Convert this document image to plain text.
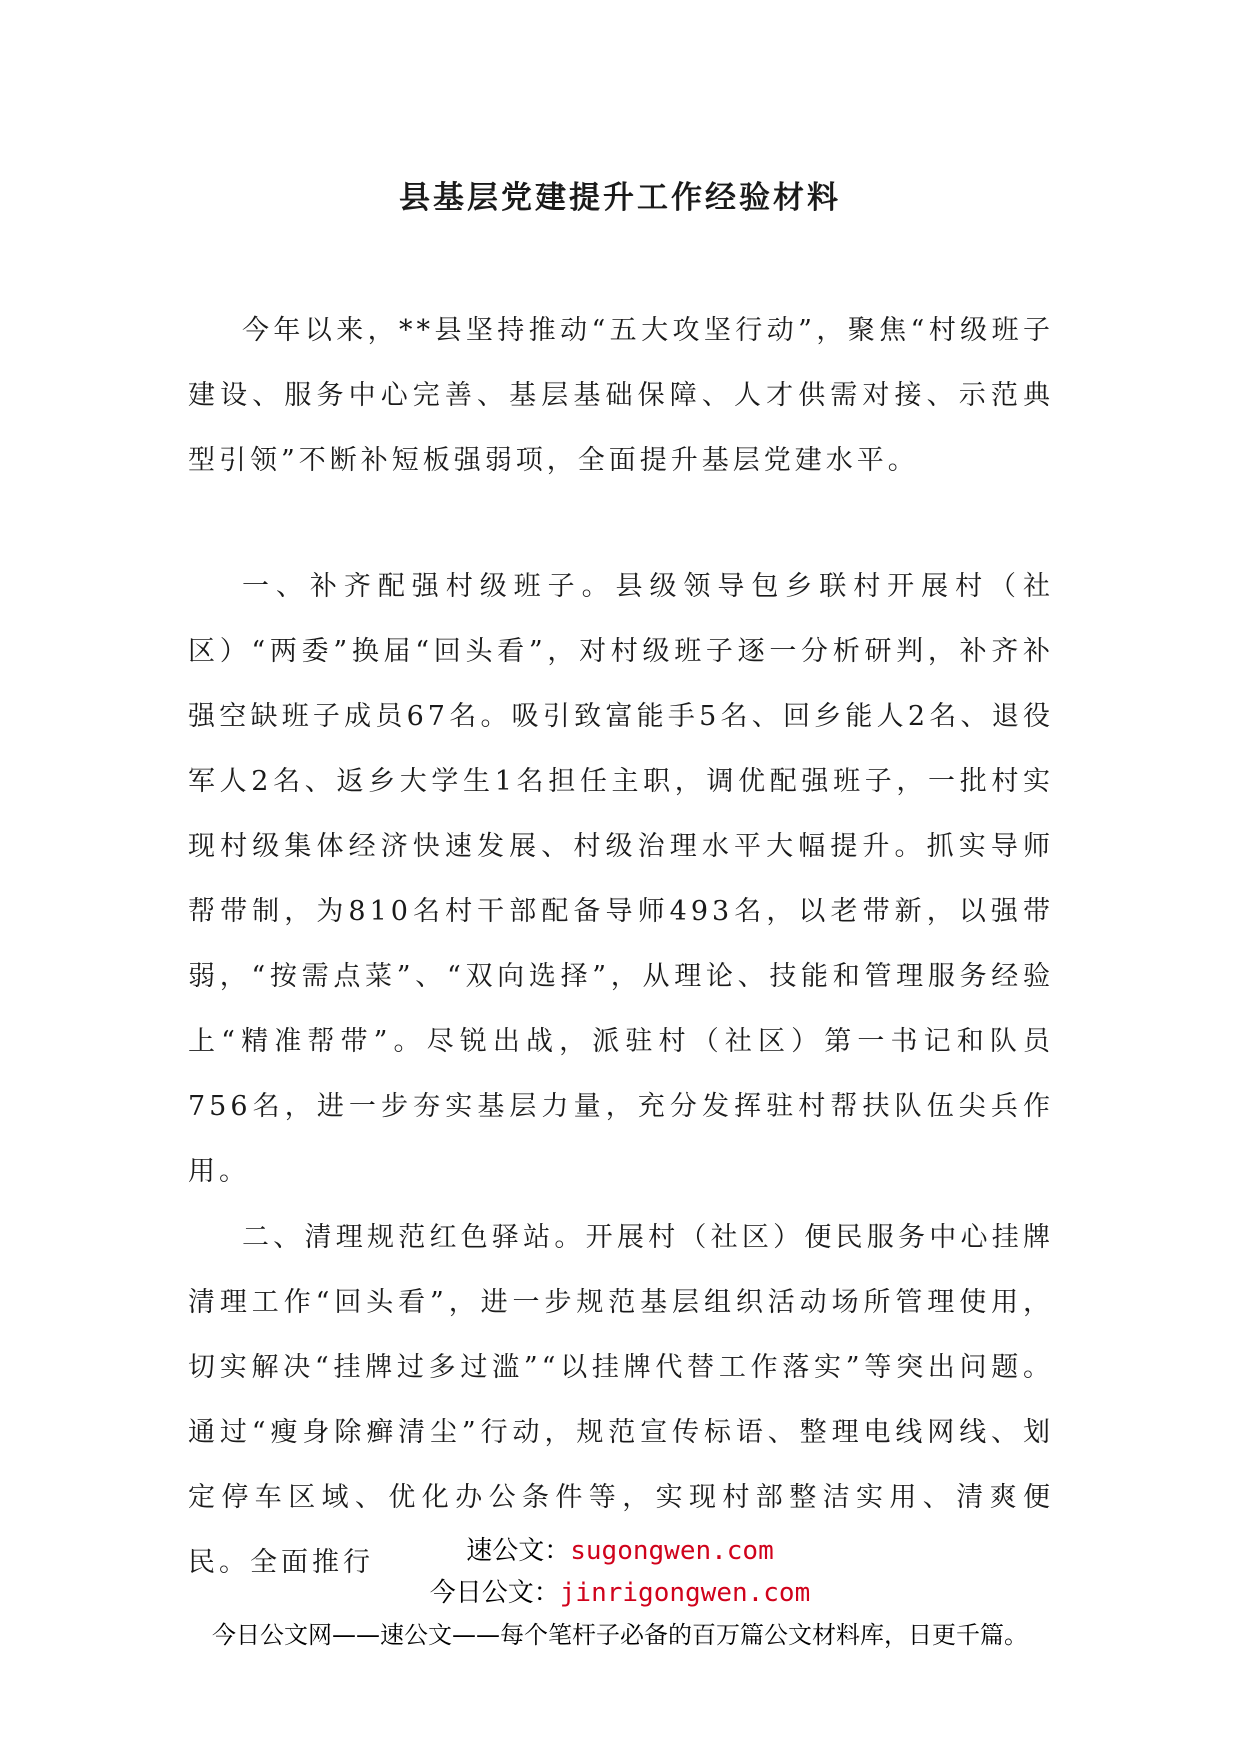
县基层党建提升工作经验材料

今年以来，**县坚持推动“五大攻坚行动”，聚焦“村级班子建设、服务中心完善、基层基础保障、人才供需对接、示范典型引领”不断补短板强弱项，全面提升基层党建水平。

一、补齐配强村级班子。县级领导包乡联村开展村（社区）“两委”换届“回头看”，对村级班子逐一分析研判，补齐补强空缺班子成员67名。吸引致富能手5名、回乡能人2名、退役军人2名、返乡大学生1名担任主职，调优配强班子，一批村实现村级集体经济快速发展、村级治理水平大幅提升。抓实导师帮带制，为810名村干部配备导师493名，以老带新，以强带弱，“按需点菜”、“双向选择”，从理论、技能和管理服务经验上“精准帮带”。尽锐出战，派驻村（社区）第一书记和队员756名，进一步夯实基层力量，充分发挥驻村帮扶队伍尖兵作用。

二、清理规范红色驿站。开展村（社区）便民服务中心挂牌清理工作“回头看”，进一步规范基层组织活动场所管理使用，切实解决“挂牌过多过滥”“以挂牌代替工作落实”等突出问题。通过“瘦身除癣清尘”行动，规范宣传标语、整理电线网线、划定停车区域、优化办公条件等，实现村部整洁实用、清爽便民。全面推行	速公文：sugongwen.com
今日公文：jinrigongwen.com
今日公文网——速公文——每个笔杆子必备的百万篇公文材料库，日更千篇。
